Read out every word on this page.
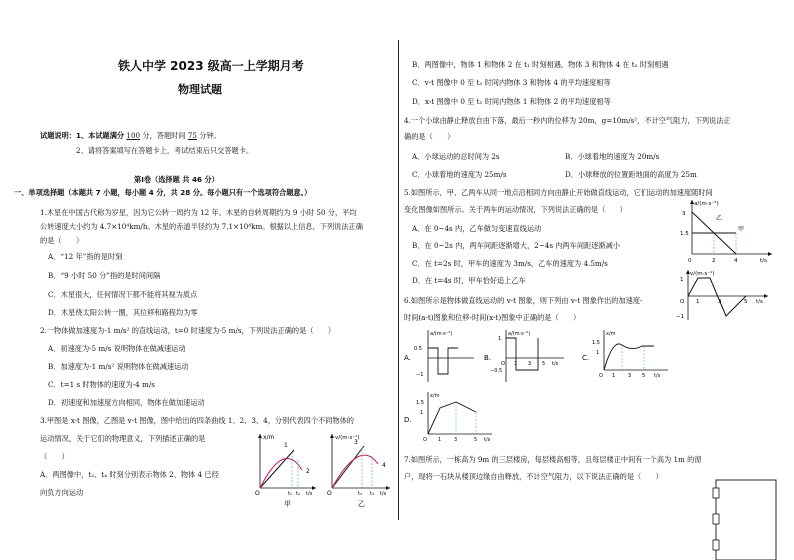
铁人中学 2023 级高一上学期月考
物理试题
试题说明：1、本试题满分 100 分，答题时间 75 分钟。
2、请将答案填写在答题卡上，考试结束后只交答题卡。
第Ⅰ卷（选择题 共 46 分）
一、单项选择题（本题共 7 小题，每小题 4 分，共 28 分。每小题只有一个选项符合题意。）
1.木星在中国古代称为岁星，因为它公转一周约为 12 年。木星的自转周期约为 9 小时 50 分，平均
公转速度大小约为 4.7×10⁴km/h。木星的赤道半径约为 7.1×10⁴km。根据以上信息，下列说法正确
的是（　　）
A．“12 年”指的是时刻
B．“9 小时 50 分”指的是时间间隔
C．木星很大，任何情况下都不能将其视为质点
D．木星绕太阳公转一圈，其位移和路程均为零
2.一物体做加速度为-1 m/s² 的直线运动，t=0 时速度为-5 m/s，下列说法正确的是（　　）
A．初速度为-5 m/s 说明物体在做减速运动
B．加速度为-1 m/s² 说明物体在做减速运动
C．t=1 s 时物体的速度为-4 m/s
D．初速度和加速度方向相同，物体在做加速运动
3.甲图是 x-t 图像，乙图是 v-t 图像，图中给出的四条曲线 1、2、3、4，分别代表四个不同物体的
运动情况，关于它们的物理意义，下列描述正确的是
（　　）
A．两图像中，t₂、t₄ 时刻分别表示物体 2、物体 4 已经
向负方向运动
x/m
1
2
O	t₁ t₂ t/s
甲
v/(m·s⁻¹)
3
4
O	t₃ t₄ t/s
乙
B．两图像中，物体 1 和物体 2 在 t₁ 时刻相遇，物体 3 和物体 4 在 t₃ 时刻相遇
C．v-t 图像中 0 至 t₃ 时间内物体 3 和物体 4 的平均速度相等
D．x-t 图像中 0 至 t₁ 时间内物体 1 和物体 2 的平均速度相等
4.一个小球由静止释放自由下落，最后一秒内的位移为 20m，g=10m/s²，不计空气阻力，下列说法正
确的是（　　）
A．小球运动的总时间为 2s	B．小球着地的速度为 20m/s
C．小球着地的速度为 25m/s	D．小球释放的位置距地面的高度为 25m
5.如图所示，甲、乙两车从同一地点沿相同方向由静止开始做直线运动，它们运动的加速度随时间
变化图像如图所示。关于两车的运动情况，下列说法正确的是（　　）
A．在 0~4s 内，乙车做匀变速直线运动
B．在 0~2s 内，两车间距逐渐增大，2~4s 内两车间距逐渐减小
C．在 t=2s 时，甲车的速度为 3m/s，乙车的速度为 4.5m/s
D．在 t=4s 时，甲车恰好追上乙车
a/(m·s⁻²)
乙
甲
3
1.5
0	2	4	t/s
v/(m·s⁻¹)
1
−1
O 1	3	5 t/s
6.如图所示是物体做直线运动的 v-t 图象，则下列由 v-t 图象作出的加速度-
时间(a-t)图象和位移-时间(x-t)图象中正确的是（　　）
A.
a/(m·s⁻²)
0.5
−1
B.
a/(m·s⁻²)
1
−0.5
O 1 3 5 t/s
C.
x/m
1.5
1
O 1	3 5 t/s
D.
x/m
1.5
1
O 1	3	5 t/s
7.如图所示，一栋高为 9m 的三层楼房，每层楼高相等，且每层楼正中间有一个高为 1m 的窗
户，现将一石块从楼顶边缘自由释放，不计空气阻力，以下说法正确的是（　　）
